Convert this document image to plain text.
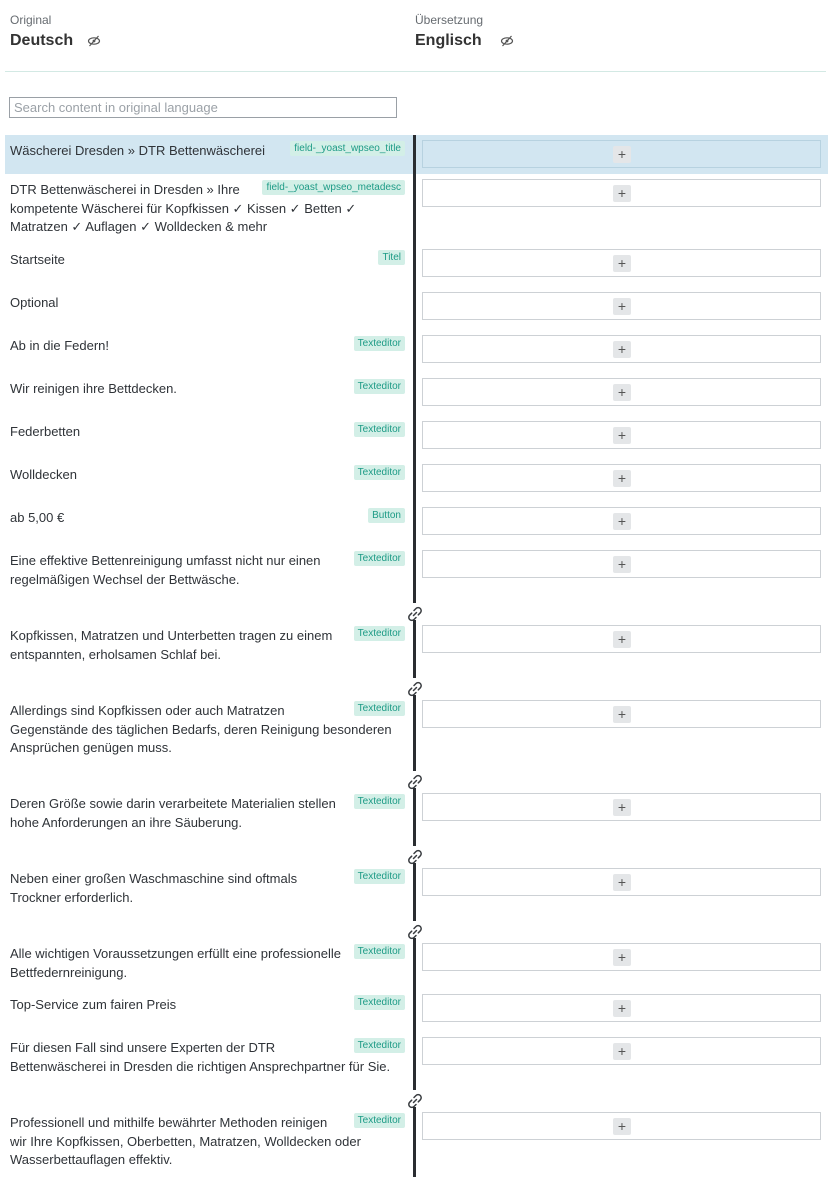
Original
Deutsch
Übersetzung
Englisch
Search content in original language
Wäscherei Dresden » DTR Bettenwäscherei	field-_yoast_wpseo_title	+
DTR Bettenwäscherei in Dresden » Ihre
kompetente Wäscherei für Kopfkissen ✓ Kissen ✓ Betten ✓
Matratzen ✓ Auflagen ✓ Wolldecken & mehr
field-_yoast_wpseo_metadesc	+
Startseite	Titel	+
Optional	+
Ab in die Federn!	Texteditor	+
Wir reinigen ihre Bettdecken.	Texteditor	+
Federbetten	Texteditor	+
Wolldecken	Texteditor	+
ab 5,00 €	Button	+
Eine effektive Bettenreinigung umfasst nicht nur einen
regelmäßigen Wechsel der Bettwäsche.
Texteditor	+
Kopfkissen, Matratzen und Unterbetten tragen zu einem
entspannten, erholsamen Schlaf bei.
Texteditor	+
Allerdings sind Kopfkissen oder auch Matratzen
Gegenstände des täglichen Bedarfs, deren Reinigung besonderen
Ansprüchen genügen muss.
Texteditor	+
Deren Größe sowie darin verarbeitete Materialien stellen
hohe Anforderungen an ihre Säuberung.
Texteditor	+
Neben einer großen Waschmaschine sind oftmals
Trockner erforderlich.
Texteditor	+
Alle wichtigen Voraussetzungen erfüllt eine professionelle
Bettfedernreinigung.
Texteditor	+
Top-Service zum fairen Preis	Texteditor	+
Für diesen Fall sind unsere Experten der DTR
Bettenwäscherei in Dresden die richtigen Ansprechpartner für Sie.
Texteditor	+
Professionell und mithilfe bewährter Methoden reinigen
wir Ihre Kopfkissen, Oberbetten, Matratzen, Wolldecken oder
Wasserbettauflagen effektiv.
Texteditor	+
